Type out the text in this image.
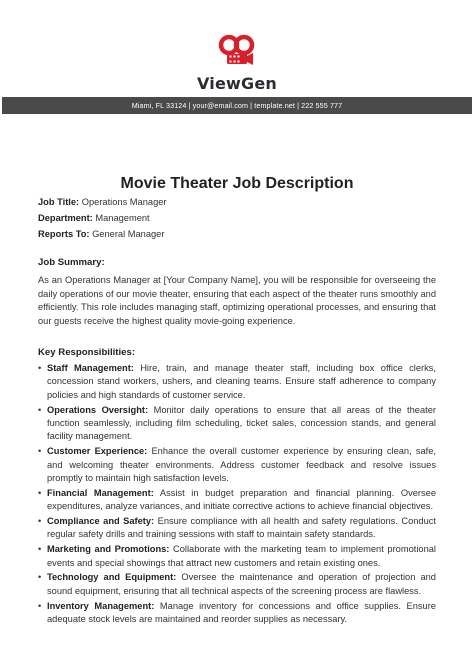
ViewGen
Miami, FL 33124 | your@email.com | template.net | 222 555 777
Movie Theater Job Description
Job Title: Operations Manager
Department: Management
Reports To: General Manager
Job Summary:
As an Operations Manager at [Your Company Name], you will be responsible for overseeing the daily operations of our movie theater, ensuring that each aspect of the theater runs smoothly and efficiently. This role includes managing staff, optimizing operational processes, and ensuring that our guests receive the highest quality movie-going experience.
Key Responsibilities:
• Staff Management: Hire, train, and manage theater staff, including box office clerks, concession stand workers, ushers, and cleaning teams. Ensure staff adherence to company policies and high standards of customer service.
• Operations Oversight: Monitor daily operations to ensure that all areas of the theater function seamlessly, including film scheduling, ticket sales, concession stands, and general facility management.
• Customer Experience: Enhance the overall customer experience by ensuring clean, safe, and welcoming theater environments. Address customer feedback and resolve issues promptly to maintain high satisfaction levels.
• Financial Management: Assist in budget preparation and financial planning. Oversee expenditures, analyze variances, and initiate corrective actions to achieve financial objectives.
• Compliance and Safety: Ensure compliance with all health and safety regulations. Conduct regular safety drills and training sessions with staff to maintain safety standards.
• Marketing and Promotions: Collaborate with the marketing team to implement promotional events and special showings that attract new customers and retain existing ones.
• Technology and Equipment: Oversee the maintenance and operation of projection and sound equipment, ensuring that all technical aspects of the screening process are flawless.
• Inventory Management: Manage inventory for concessions and office supplies. Ensure adequate stock levels are maintained and reorder supplies as necessary.
